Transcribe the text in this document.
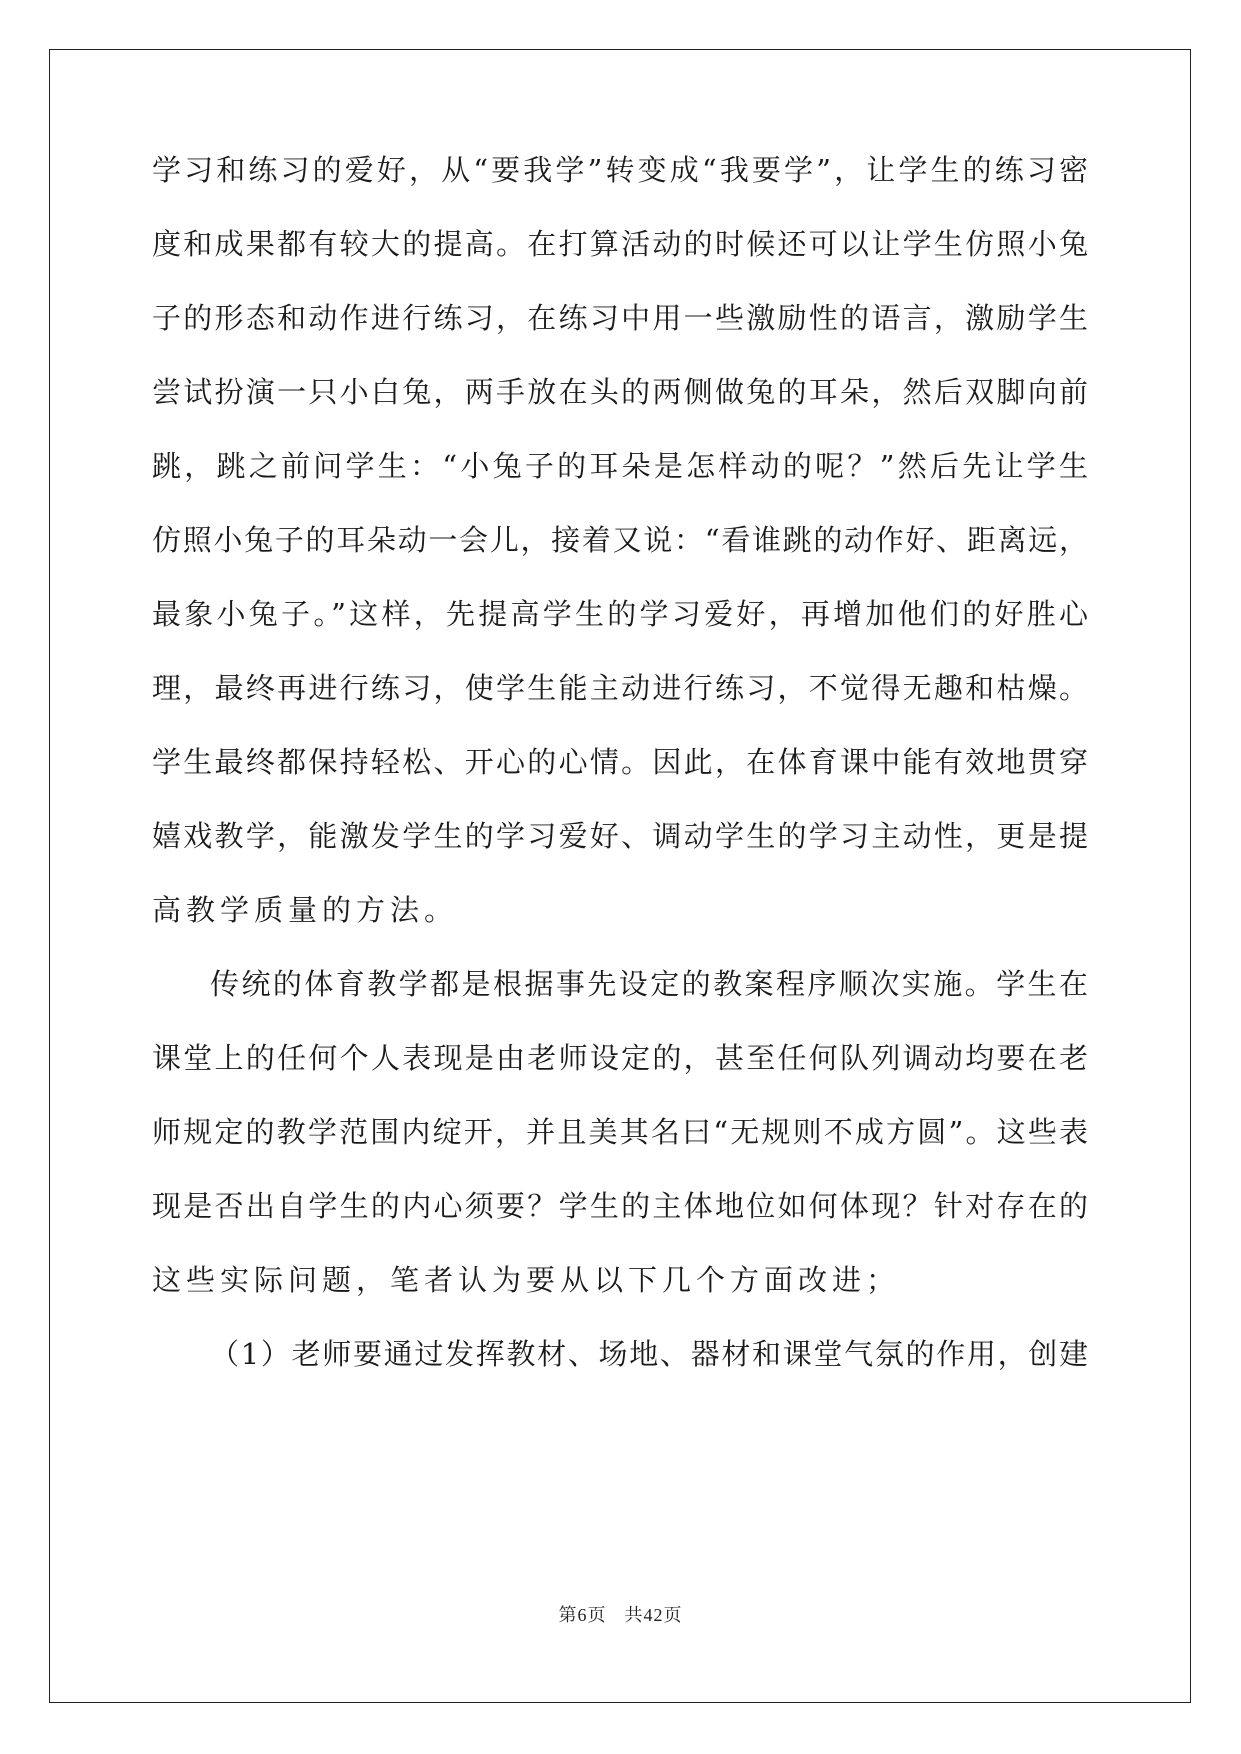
学习和练习的爱好，从“要我学”转变成“我要学”，让学生的练习密
度和成果都有较大的提高。在打算活动的时候还可以让学生仿照小兔
子的形态和动作进行练习，在练习中用一些激励性的语言，激励学生
尝试扮演一只小白兔，两手放在头的两侧做兔的耳朵，然后双脚向前
跳，跳之前问学生：“小兔子的耳朵是怎样动的呢？”然后先让学生
仿照小兔子的耳朵动一会儿，接着又说：“看谁跳的动作好、距离远，
最象小兔子。”这样，先提高学生的学习爱好，再增加他们的好胜心
理，最终再进行练习，使学生能主动进行练习，不觉得无趣和枯燥。
学生最终都保持轻松、开心的心情。因此，在体育课中能有效地贯穿
嬉戏教学，能激发学生的学习爱好、调动学生的学习主动性，更是提
高教学质量的方法。
传统的体育教学都是根据事先设定的教案程序顺次实施。学生在
课堂上的任何个人表现是由老师设定的，甚至任何队列调动均要在老
师规定的教学范围内绽开，并且美其名曰“无规则不成方圆”。这些表
现是否出自学生的内心须要？学生的主体地位如何体现？针对存在的
这些实际问题，笔者认为要从以下几个方面改进；
（1）老师要通过发挥教材、场地、器材和课堂气氛的作用，创建
第6页 共42页
